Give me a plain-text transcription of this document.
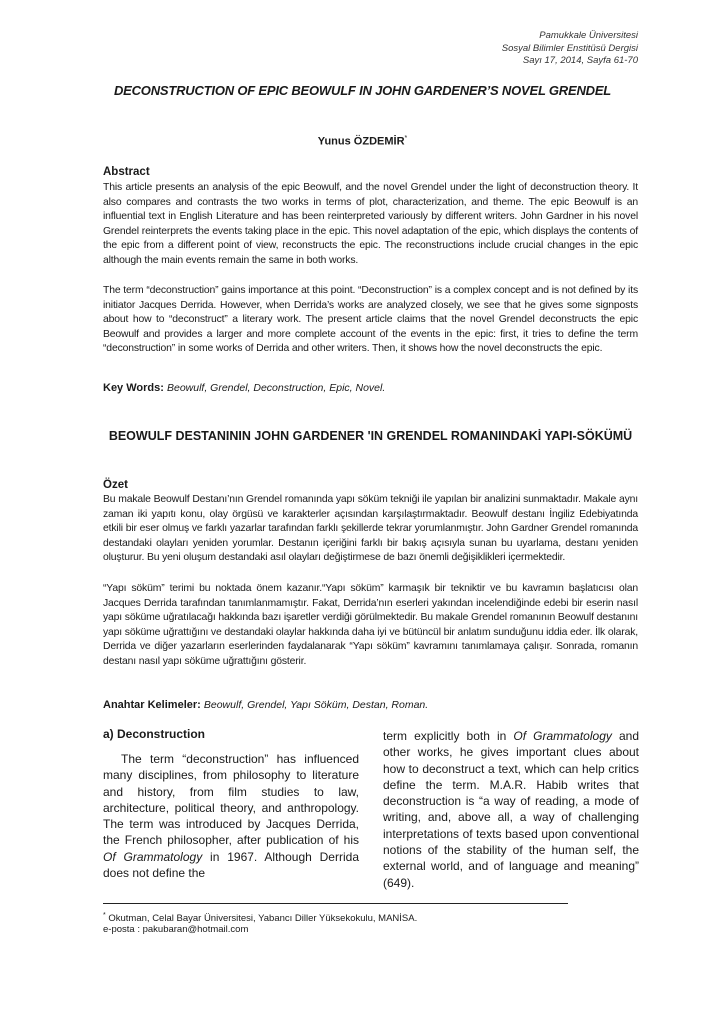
Pamukkale Üniversitesi
Sosyal Bilimler Enstitüsü Dergisi
Sayı 17, 2014, Sayfa 61-70
DECONSTRUCTION OF EPIC BEOWULF IN JOHN GARDENER’S NOVEL GRENDEL
Yunus ÖZDEMİR*
Abstract

This article presents an analysis of the epic Beowulf, and the novel Grendel under the light of deconstruction theory. It also compares and contrasts the two works in terms of plot, characterization, and theme. The epic Beowulf is an influential text in English Literature and has been reinterpreted variously by different writers. John Gardner in his novel Grendel reinterprets the events taking place in the epic. This novel adaptation of the epic, which displays the contents of the epic from a different point of view, reconstructs the epic. The reconstructions include crucial changes in the epic although the main events remain the same in both works.

The term “deconstruction” gains importance at this point. “Deconstruction” is a complex concept and is not defined by its initiator Jacques Derrida. However, when Derrida’s works are analyzed closely, we see that he gives some signposts about how to “deconstruct” a literary work. The present article claims that the novel Grendel deconstructs the epic Beowulf and provides a larger and more complete account of the events in the epic: first, it tries to define the term “deconstruction” in some works of Derrida and other writers. Then, it shows how the novel deconstructs the epic.

Key Words: Beowulf, Grendel, Deconstruction, Epic, Novel.
BEOWULF DESTANININ JOHN GARDENER 'IN GRENDEL ROMANINDAKİ YAPI-SÖKÜMÜ
Özet

Bu makale Beowulf Destanı’nın Grendel romanında yapı söküm tekniği ile yapılan bir analizini sunmaktadır. Makale aynı zaman iki yapıtı konu, olay örgüsü ve karakterler açısından karşılaştırmaktadır. Beowulf destanı İngiliz Edebiyatında etkili bir eser olmuş ve farklı yazarlar tarafından farklı şekillerde tekrar yorumlanmıştır. John Gardner Grendel romanında destandaki olayları yeniden yorumlar. Destanın içeriğini farklı bir bakış açısıyla sunan bu uyarlama, destanı yeniden oluşturur. Bu yeni oluşum destandaki asıl olayları değiştirmese de bazı önemli değişiklikleri içermektedir.

“Yapı söküm” terimi bu noktada önem kazanır.“Yapı söküm” karmaşık bir tekniktir ve bu kavramın başlatıcısı olan Jacques Derrida tarafından tanımlanmamıştır. Fakat, Derrida’nın eserleri yakından incelendiğinde edebi bir eserin nasıl yapı söküme uğratılacağı hakkında bazı işaretler verdiği görülmektedir. Bu makale Grendel romanının Beowulf destanını yapı söküme uğrattığını ve destandaki olaylar hakkında daha iyi ve bütüncül bir anlatım sunduğunu iddia eder. İlk olarak, Derrida ve diğer yazarların eserlerinden faydalanarak “Yapı söküm” kavramını tanımlamaya çalışır. Sonrada, romanın destanı nasıl yapı söküme uğrattığını gösterir.

Anahtar Kelimeler: Beowulf, Grendel, Yapı Söküm, Destan, Roman.
a) Deconstruction

The term “deconstruction” has influenced many disciplines, from philosophy to literature and history, from film studies to law, architecture, political theory, and anthropology. The term was introduced by Jacques Derrida, the French philosopher, after publication of his Of Grammatology in 1967. Although Derrida does not define the

term explicitly both in Of Grammatology and other works, he gives important clues about how to deconstruct a text, which can help critics define the term. M.A.R. Habib writes that deconstruction is “a way of reading, a mode of writing, and, above all, a way of challenging interpretations of texts based upon conventional notions of the stability of the human self, the external world, and of language and meaning” (649).

* Okutman, Celal Bayar Üniversitesi, Yabancı Diller Yüksekokulu, MANİSA.
e-posta : pakubaran@hotmail.com
